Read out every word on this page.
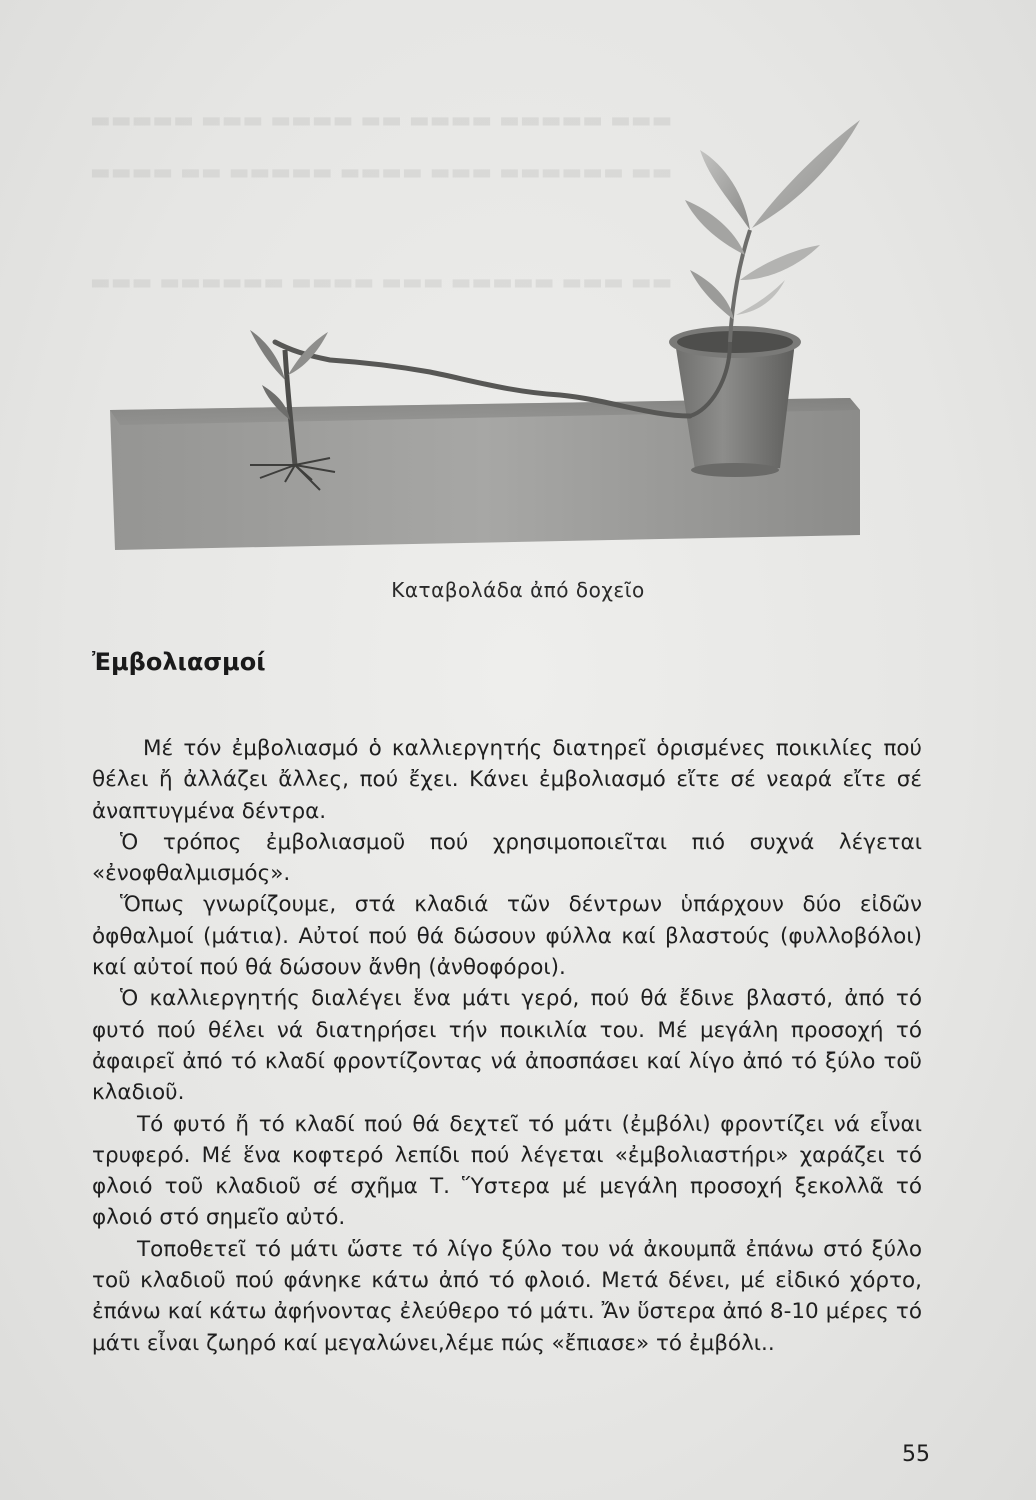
▬▬▬ ▬▬▬▬▬ ▬▬▬▬ ▬▬ ▬▬▬▬ ▬▬▬ ▬▬▬▬▬
▬▬ ▬▬▬▬▬▬ ▬▬▬ ▬▬▬▬ ▬▬▬▬▬ ▬▬ ▬▬▬▬
▬▬ ▬▬▬ ▬▬▬▬▬ ▬▬▬ ▬▬▬▬ ▬▬▬▬▬▬ ▬▬▬
Καταβολάδα ἀπό δοχεῖο
Ἐμβολιασμοί

Μέ τόν ἐμβολιασμό ὁ καλλιεργητής διατηρεῖ ὁρισμένες ποικιλίες πού θέλει ἤ ἀλλάζει ἄλλες, πού ἔχει. Κάνει ἐμβολιασμό εἴτε σέ νεαρά εἴτε σέ ἀναπτυγμένα δέντρα.

Ὁ τρόπος ἐμβολιασμοῦ πού χρησιμοποιεῖται πιό συχνά λέγεται «ἐνοφθαλμισμός».

Ὅπως γνωρίζουμε, στά κλαδιά τῶν δέντρων ὑπάρχουν δύο εἰδῶν ὀφθαλμοί (μάτια). Αὐτοί πού θά δώσουν φύλλα καί βλαστούς (φυλλοβόλοι) καί αὐτοί πού θά δώσουν ἄνθη (ἀνθοφόροι).

Ὁ καλλιεργητής διαλέγει ἕνα μάτι γερό, πού θά ἔδινε βλαστό, ἀπό τό φυτό πού θέλει νά διατηρήσει τήν ποικιλία του. Μέ μεγάλη προσοχή τό ἀφαιρεῖ ἀπό τό κλαδί φροντίζοντας νά ἀποσπάσει καί λίγο ἀπό τό ξύλο τοῦ κλαδιοῦ.

Τό φυτό ἤ τό κλαδί πού θά δεχτεῖ τό μάτι (ἐμβόλι) φροντίζει νά εἶναι τρυφερό. Μέ ἕνα κοφτερό λεπίδι πού λέγεται «ἐμβολιαστήρι» χαράζει τό φλοιό τοῦ κλαδιοῦ σέ σχῆμα Τ. Ὕστερα μέ μεγάλη προσοχή ξεκολλᾶ τό φλοιό στό σημεῖο αὐτό.

Τοποθετεῖ τό μάτι ὥστε τό λίγο ξύλο του νά ἀκουμπᾶ ἐπάνω στό ξύλο τοῦ κλαδιοῦ πού φάνηκε κάτω ἀπό τό φλοιό. Μετά δένει, μέ εἰδικό χόρτο, ἐπάνω καί κάτω ἀφήνοντας ἐλεύθερο τό μάτι. Ἄν ὕστερα ἀπό 8-10 μέρες τό μάτι εἶναι ζωηρό καί μεγαλώνει,λέμε πώς «ἔπιασε» τό ἐμβόλι..

55
